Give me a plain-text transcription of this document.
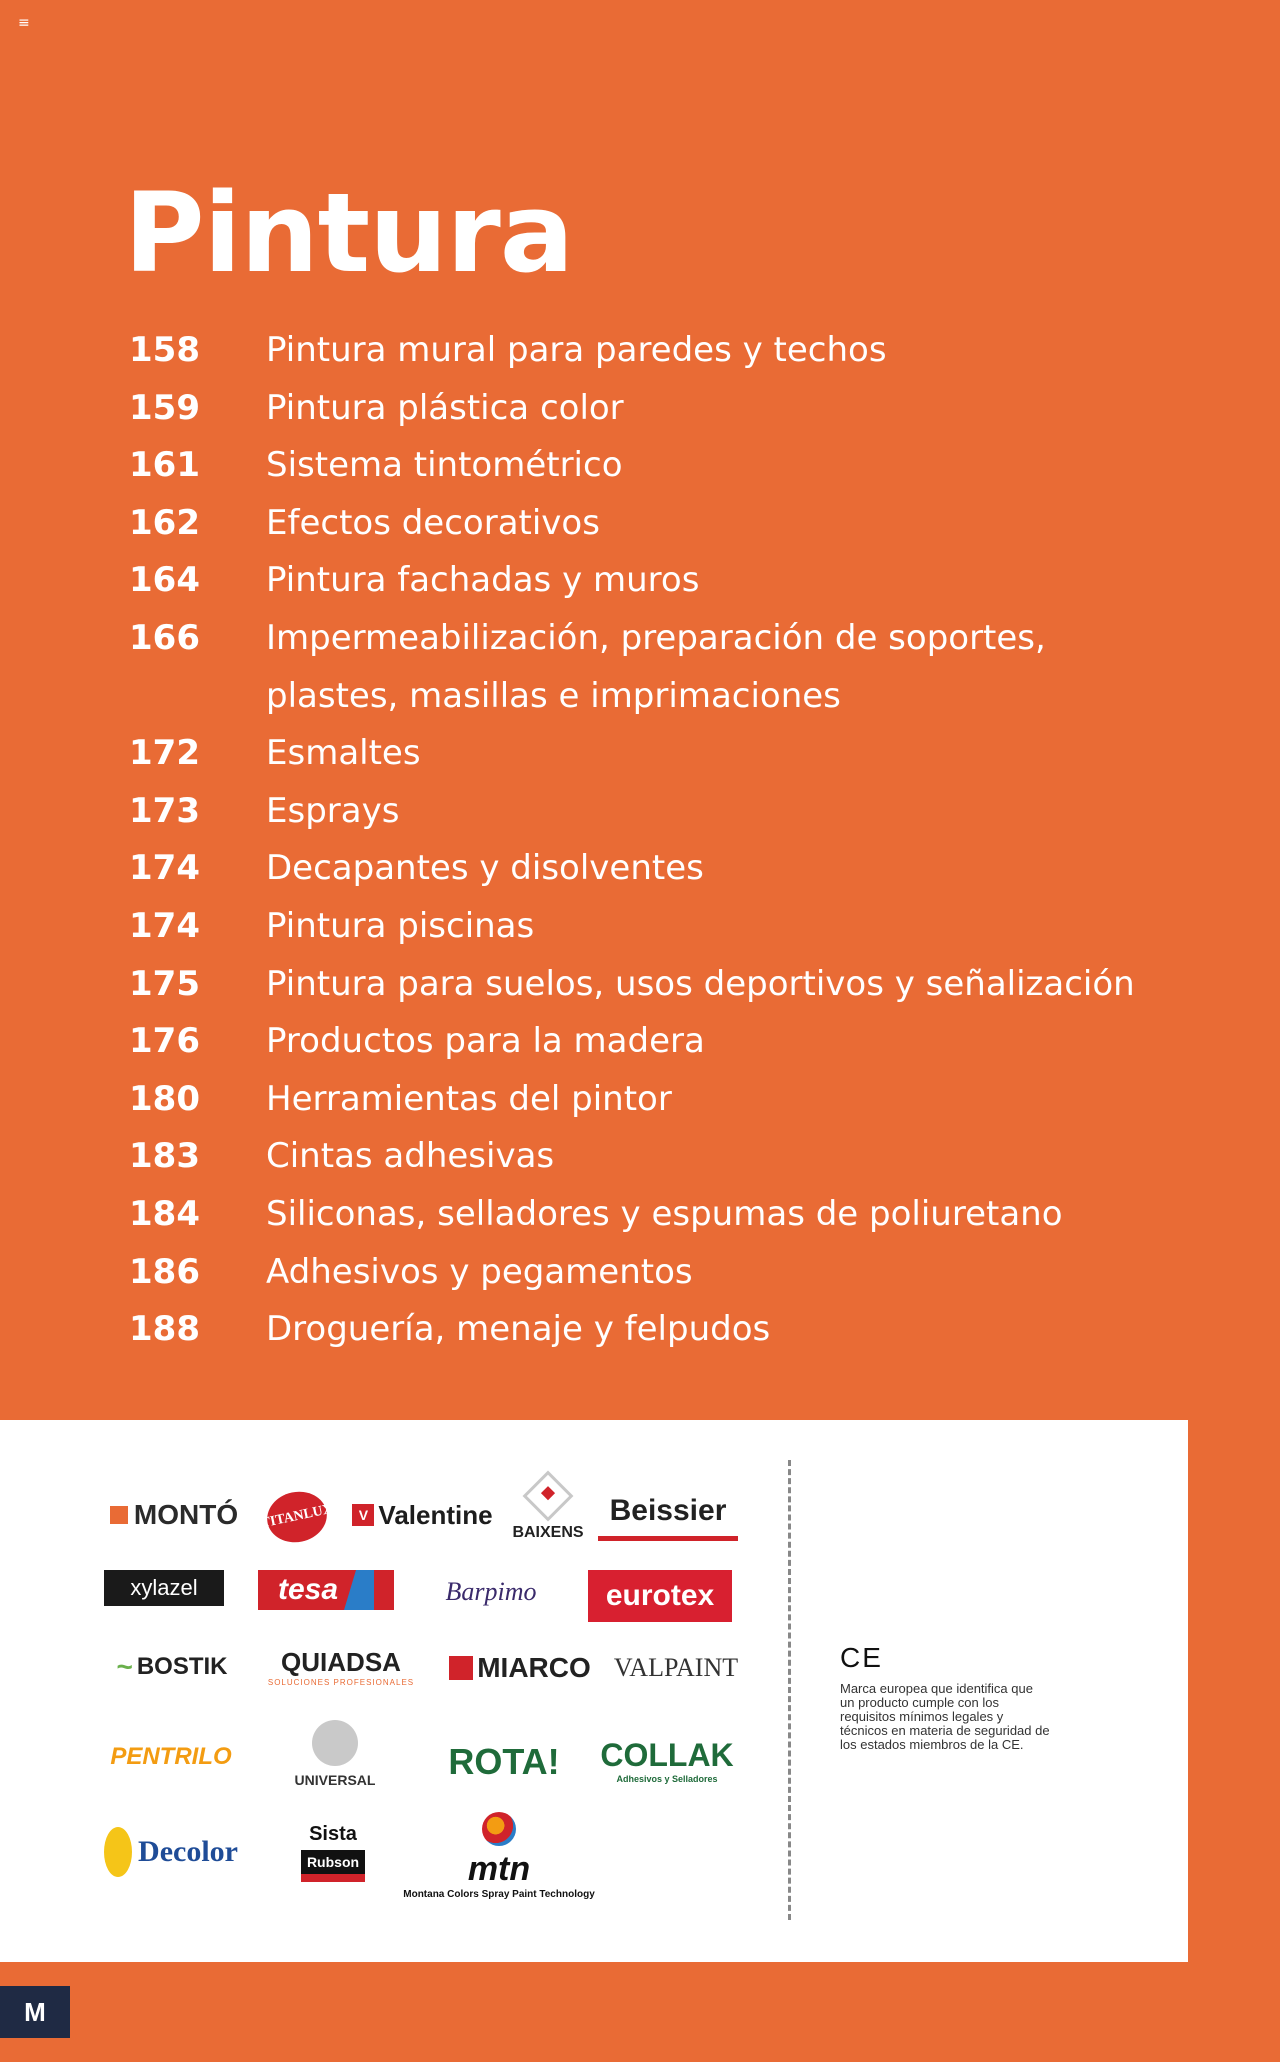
≡
Pintura
158 Pintura mural para paredes y techos
159 Pintura plástica color
161 Sistema tintométrico
162 Efectos decorativos
164 Pintura fachadas y muros
166 Impermeabilización, preparación de soportes, plastes, masillas e imprimaciones
172 Esmaltes
173 Esprays
174 Decapantes y disolventes
174 Pintura piscinas
175 Pintura para suelos, usos deportivos y señalización
176 Productos para la madera
180 Herramientas del pintor
183 Cintas adhesivas
184 Siliconas, selladores y espumas de poliuretano
186 Adhesivos y pegamentos
188 Droguería, menaje y felpudos
MONTÓ TITANLUX	V Valentine
BAIXENS
Beissier
xylazel	tesa	Barpimo eurotex
~ BOSTIK QUIADSA
SOLUCIONES PROFESIONALES MIARCO VALPAINT
PENTRILO
UNIVERSAL ROTA! COLLAK
Adhesivos y Selladores
Decolor
Sista
Rubson	mtn
Montana Colors Spray Paint Technology
CE
Marca europea que identifica que un producto cumple con los requisitos mínimos legales y técnicos en materia de seguridad de los estados miembros de la CE.
M
